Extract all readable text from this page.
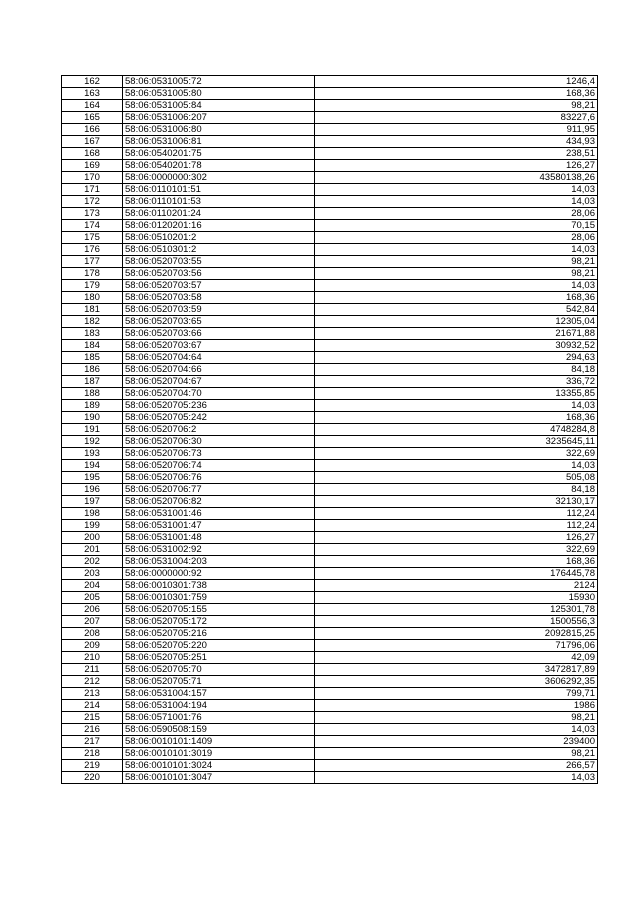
162	58:06:0531005:72	1246,4
163	58:06:0531005:80	168,36
164	58:06:0531005:84	98,21
165	58:06:0531006:207	83227,6
166	58:06:0531006:80	911,95
167	58:06:0531006:81	434,93
168	58:06:0540201:75	238,51
169	58:06:0540201:78	126,27
170	58:06:0000000:302	43580138,26
171	58:06:0110101:51	14,03
172	58:06:0110101:53	14,03
173	58:06:0110201:24	28,06
174	58:06:0120201:16	70,15
175	58:06:0510201:2	28,06
176	58:06:0510301:2	14,03
177	58:06:0520703:55	98,21
178	58:06:0520703:56	98,21
179	58:06:0520703:57	14,03
180	58:06:0520703:58	168,36
181	58:06:0520703:59	542,84
182	58:06:0520703:65	12305,04
183	58:06:0520703:66	21671,88
184	58:06:0520703:67	30932,52
185	58:06:0520704:64	294,63
186	58:06:0520704:66	84,18
187	58:06:0520704:67	336,72
188	58:06:0520704:70	13355,85
189	58:06:0520705:236	14,03
190	58:06:0520705:242	168,36
191	58:06:0520706:2	4748284,8
192	58:06:0520706:30	3235645,11
193	58:06:0520706:73	322,69
194	58:06:0520706:74	14,03
195	58:06:0520706:76	505,08
196	58:06:0520706:77	84,18
197	58:06:0520706:82	32130,17
198	58:06:0531001:46	112,24
199	58:06:0531001:47	112,24
200	58:06:0531001:48	126,27
201	58:06:0531002:92	322,69
202	58:06:0531004:203	168,36
203	58:06:0000000:92	176445,78
204	58:06:0010301:738	2124
205	58:06:0010301:759	15930
206	58:06:0520705:155	125301,78
207	58:06:0520705:172	1500556,3
208	58:06:0520705:216	2092815,25
209	58:06:0520705:220	71796,06
210	58:06:0520705:251	42,09
211	58:06:0520705:70	3472817,89
212	58:06:0520705:71	3606292,35
213	58:06:0531004:157	799,71
214	58:06:0531004:194	1986
215	58:06:0571001:76	98,21
216	58:06:0590508:159	14,03
217	58:06:0010101:1409	239400
218	58:06:0010101:3019	98,21
219	58:06:0010101:3024	266,57
220	58:06:0010101:3047	14,03
